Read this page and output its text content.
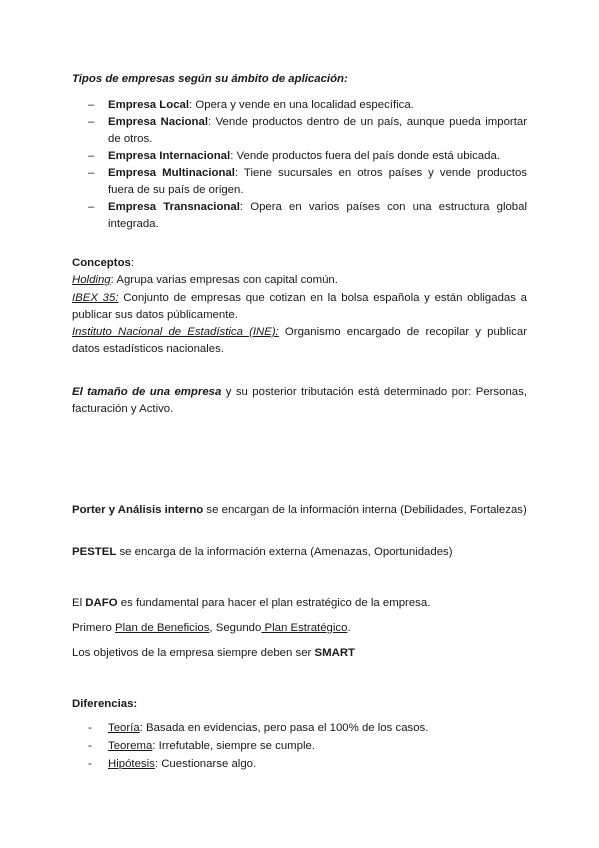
Tipos de empresas según su ámbito de aplicación:

– Empresa Local: Opera y vende en una localidad específica.
– Empresa Nacional: Vende productos dentro de un país, aunque pueda importar de otros.
– Empresa Internacional: Vende productos fuera del país donde está ubicada.
– Empresa Multinacional: Tiene sucursales en otros países y vende productos fuera de su país de origen.
– Empresa Transnacional: Opera en varios países con una estructura global integrada.

Conceptos:

Holding: Agrupa varias empresas con capital común.

IBEX 35: Conjunto de empresas que cotizan en la bolsa española y están obligadas a publicar sus datos públicamente.

Instituto Nacional de Estadística (INE): Organismo encargado de recopilar y publicar datos estadísticos nacionales.

El tamaño de una empresa y su posterior tributación está determinado por: Personas, facturación y Activo.

Porter y Análisis interno se encargan de la información interna (Debilidades, Fortalezas)

PESTEL se encarga de la información externa (Amenazas, Oportunidades)

El DAFO es fundamental para hacer el plan estratégico de la empresa.

Primero Plan de Beneficios, Segundo Plan Estratégico.

Los objetivos de la empresa siempre deben ser SMART

Diferencias:

- Teoría: Basada en evidencias, pero pasa el 100% de los casos.
- Teorema: Irrefutable, siempre se cumple.
- Hipótesis: Cuestionarse algo.
